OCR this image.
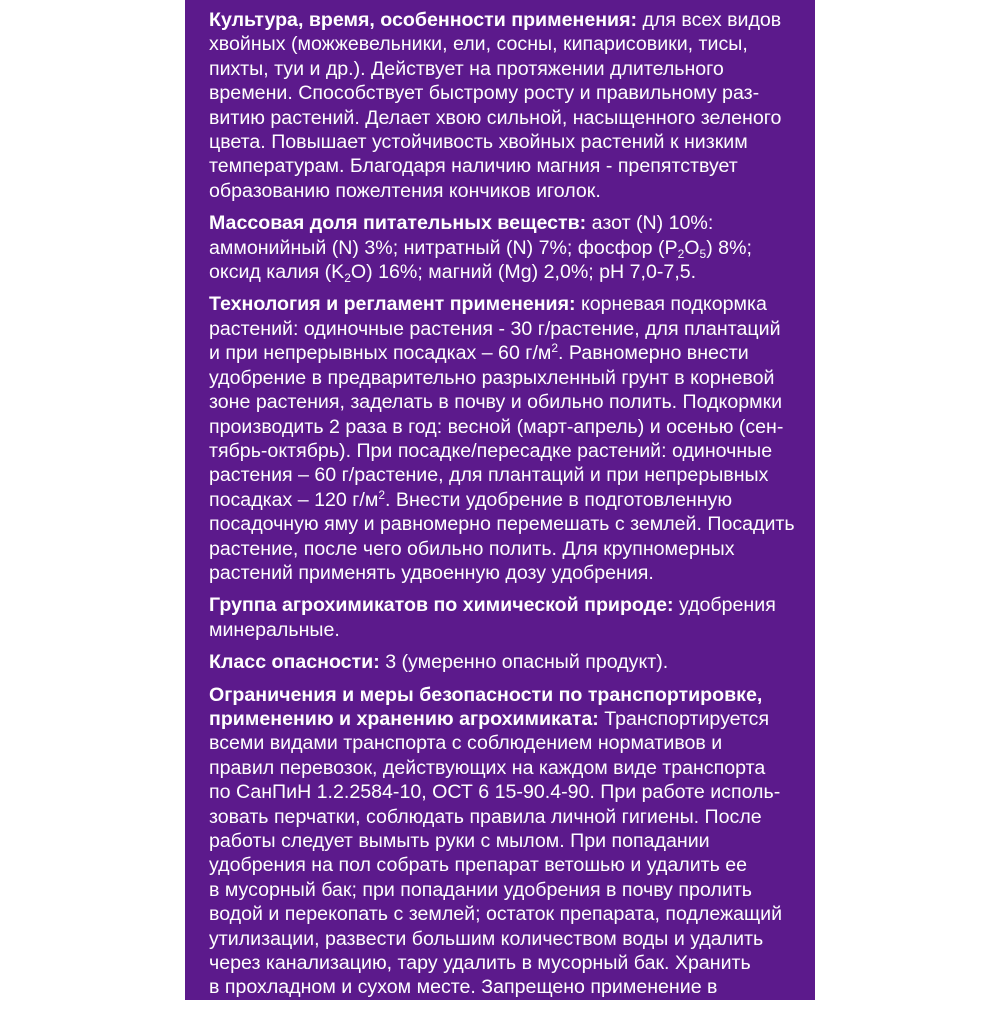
Культура, время, особенности применения: для всех видов
хвойных (можжевельники, ели, сосны, кипарисовики, тисы,
пихты, туи и др.). Действует на протяжении длительного
времени. Способствует быстрому росту и правильному раз-
витию растений. Делает хвою сильной, насыщенного зеленого
цвета. Повышает устойчивость хвойных растений к низким
температурам. Благодаря наличию магния - препятствует
образованию пожелтения кончиков иголок.
Массовая доля питательных веществ: азот (N) 10%:
аммонийный (N) 3%; нитратный (N) 7%; фосфор $(P_2O_5)$ 8%;
оксид калия $(K_2O)$ 16%; магний (Mg) 2,0%; pH 7,0-7,5.
Технология и регламент применения: корневая подкормка
растений: одиночные растения - 30 г/растение, для плантаций
и при непрерывных посадках – 60 $г/м^2$. Равномерно внести
удобрение в предварительно разрыхленный грунт в корневой
зоне растения, заделать в почву и обильно полить. Подкормки
производить 2 раза в год: весной (март-апрель) и осенью (сен-
тябрь-октябрь). При посадке/пересадке растений: одиночные
растения – 60 г/растение, для плантаций и при непрерывных
посадках – 120 $г/м^2$. Внести удобрение в подготовленную
посадочную яму и равномерно перемешать с землей. Посадить
растение, после чего обильно полить. Для крупномерных
растений применять удвоенную дозу удобрения.
Группа агрохимикатов по химической природе: удобрения
минеральные.
Класс опасности: 3 (умеренно опасный продукт).
Ограничения и меры безопасности по транспортировке,
применению и хранению агрохимиката: Транспортируется
всеми видами транспорта с соблюдением нормативов и
правил перевозок, действующих на каждом виде транспорта
по СанПиН 1.2.2584-10, ОСТ 6 15-90.4-90. При работе исполь-
зовать перчатки, соблюдать правила личной гигиены. После
работы следует вымыть руки с мылом. При попадании
удобрения на пол собрать препарат ветошью и удалить ее
в мусорный бак; при попадании удобрения в почву пролить
водой и перекопать с землей; остаток препарата, подлежащий
утилизации, развести большим количеством воды и удалить
через канализацию, тару удалить в мусорный бак. Хранить
в прохладном и сухом месте. Запрещено применение в
водоохраной зоне водных объектов.
